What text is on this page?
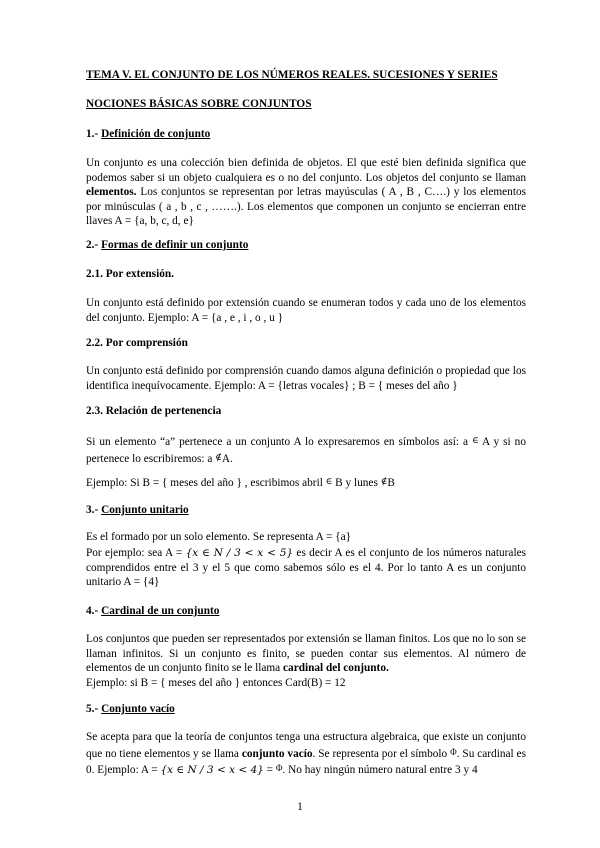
TEMA V. EL CONJUNTO DE LOS NÚMEROS REALES. SUCESIONES Y SERIES
NOCIONES BÁSICAS SOBRE CONJUNTOS
1.- Definición de conjunto
Un conjunto es una colección bien definida de objetos. El que esté bien definida significa que podemos saber si un objeto cualquiera es o no del conjunto. Los objetos del conjunto se llaman elementos. Los conjuntos se representan por letras mayúsculas ( A , B , C….) y los elementos por minúsculas ( a , b , c , …….). Los elementos que componen un conjunto se encierran entre llaves A = {a, b, c, d, e}
2.- Formas de definir un conjunto
2.1. Por extensión.
Un conjunto está definido por extensión cuando se enumeran todos y cada uno de los elementos del conjunto. Ejemplo: A = {a , e , i , o , u }
2.2. Por comprensión
Un conjunto está definido por comprensión cuando damos alguna definición o propiedad que los identifica inequívocamente. Ejemplo: A = {letras vocales} ; B = { meses del año }
2.3. Relación de pertenencia
Si un elemento “a” pertenece a un conjunto A lo expresaremos en símbolos así: a ∈ A y si no pertenece lo escribiremos: a ∉A.
Ejemplo: Si B = { meses del año } , escribimos abril ∈ B y lunes ∉B
3.- Conjunto unitario
Es el formado por un solo elemento. Se representa A = {a}
Por ejemplo: sea A = {x ∈ N / 3 < x < 5} es decir A es el conjunto de los números naturales comprendidos entre el 3 y el 5 que como sabemos sólo es el 4. Por lo tanto A es un conjunto unitario A = {4}
4.- Cardinal de un conjunto
Los conjuntos que pueden ser representados por extensión se llaman finitos. Los que no lo son se llaman infinitos. Si un conjunto es finito, se pueden contar sus elementos. Al número de elementos de un conjunto finito se le llama cardinal del conjunto.
Ejemplo: si B = { meses del año } entonces Card(B) = 12
5.- Conjunto vacío
Se acepta para que la teoría de conjuntos tenga una estructura algebraica, que existe un conjunto que no tiene elementos y se llama conjunto vacío. Se representa por el símbolo Φ. Su cardinal es 0. Ejemplo: A = {x ∈ N / 3 < x < 4} = Φ. No hay ningún número natural entre 3 y 4
1
